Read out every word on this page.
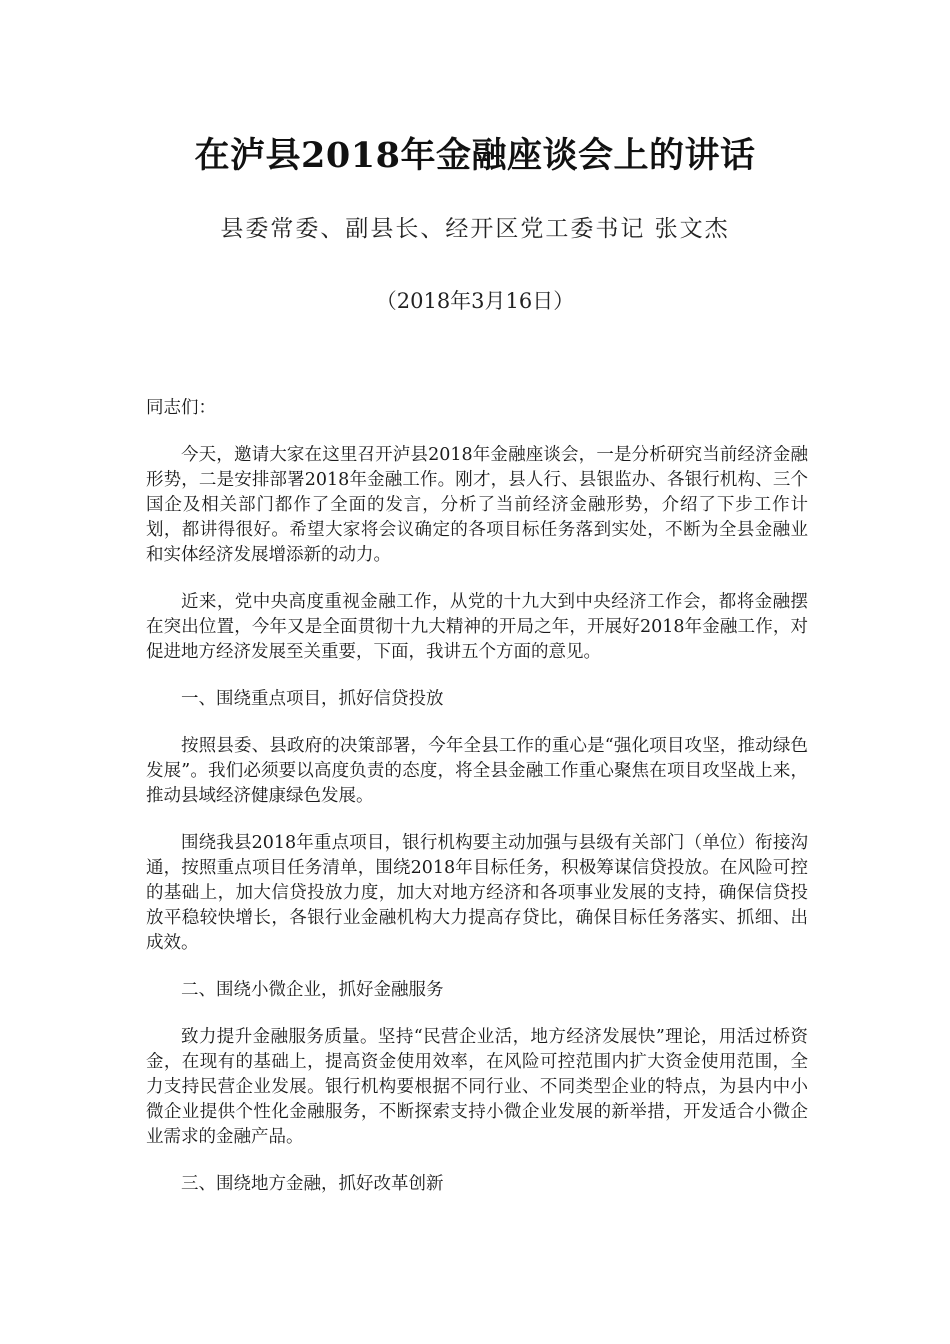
在泸县2018年金融座谈会上的讲话
县委常委、副县长、经开区党工委书记 张文杰
（2018年3月16日）

同志们：

今天，邀请大家在这里召开泸县2018年金融座谈会，一是分析研究当前经济金融形势，二是安排部署2018年金融工作。刚才，县人行、县银监办、各银行机构、三个国企及相关部门都作了全面的发言，分析了当前经济金融形势，介绍了下步工作计划，都讲得很好。希望大家将会议确定的各项目标任务落到实处，不断为全县金融业和实体经济发展增添新的动力。

近来，党中央高度重视金融工作，从党的十九大到中央经济工作会，都将金融摆在突出位置，今年又是全面贯彻十九大精神的开局之年，开展好2018年金融工作，对促进地方经济发展至关重要，下面，我讲五个方面的意见。

一、围绕重点项目，抓好信贷投放

按照县委、县政府的决策部署，今年全县工作的重心是“强化项目攻坚，推动绿色发展”。我们必须要以高度负责的态度，将全县金融工作重心聚焦在项目攻坚战上来，推动县域经济健康绿色发展。

围绕我县2018年重点项目，银行机构要主动加强与县级有关部门（单位）衔接沟通，按照重点项目任务清单，围绕2018年目标任务，积极筹谋信贷投放。在风险可控的基础上，加大信贷投放力度，加大对地方经济和各项事业发展的支持，确保信贷投放平稳较快增长，各银行业金融机构大力提高存贷比，确保目标任务落实、抓细、出成效。

二、围绕小微企业，抓好金融服务

致力提升金融服务质量。坚持“民营企业活，地方经济发展快”理论，用活过桥资金，在现有的基础上，提高资金使用效率，在风险可控范围内扩大资金使用范围，全力支持民营企业发展。银行机构要根据不同行业、不同类型企业的特点，为县内中小微企业提供个性化金融服务，不断探索支持小微企业发展的新举措，开发适合小微企业需求的金融产品。

三、围绕地方金融，抓好改革创新
